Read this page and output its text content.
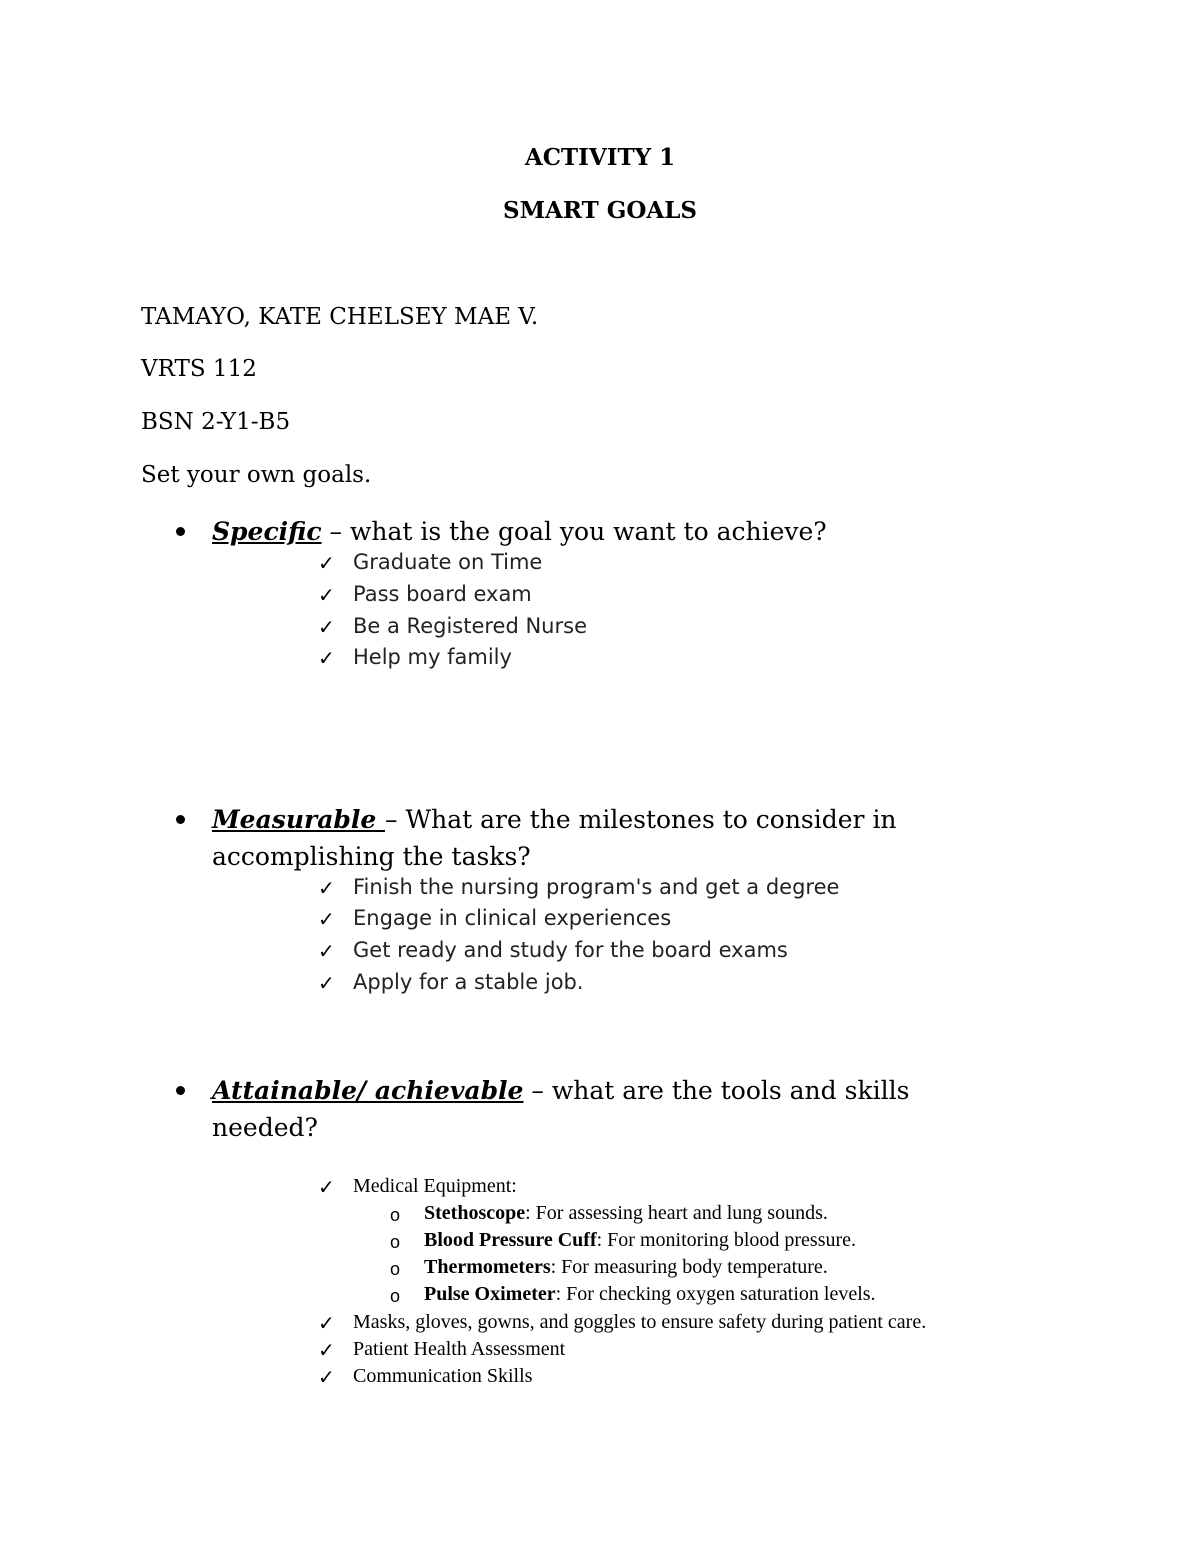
ACTIVITY 1
SMART GOALS
TAMAYO, KATE CHELSEY MAE V.
VRTS 112
BSN 2-Y1-B5
Set your own goals.
Specific – what is the goal you want to achieve?
✓ Graduate on Time
✓ Pass board exam
✓ Be a Registered Nurse
✓ Help my family
Measurable – What are the milestones to consider in
accomplishing the tasks?
✓ Finish the nursing program's and get a degree
✓ Engage in clinical experiences
✓ Get ready and study for the board exams
✓ Apply for a stable job.
Attainable/ achievable – what are the tools and skills
needed?
✓ Medical Equipment:
o Stethoscope: For assessing heart and lung sounds.
o Blood Pressure Cuff: For monitoring blood pressure.
o Thermometers: For measuring body temperature.
o Pulse Oximeter: For checking oxygen saturation levels.
✓ Masks, gloves, gowns, and goggles to ensure safety during patient care.
✓ Patient Health Assessment
✓ Communication Skills
